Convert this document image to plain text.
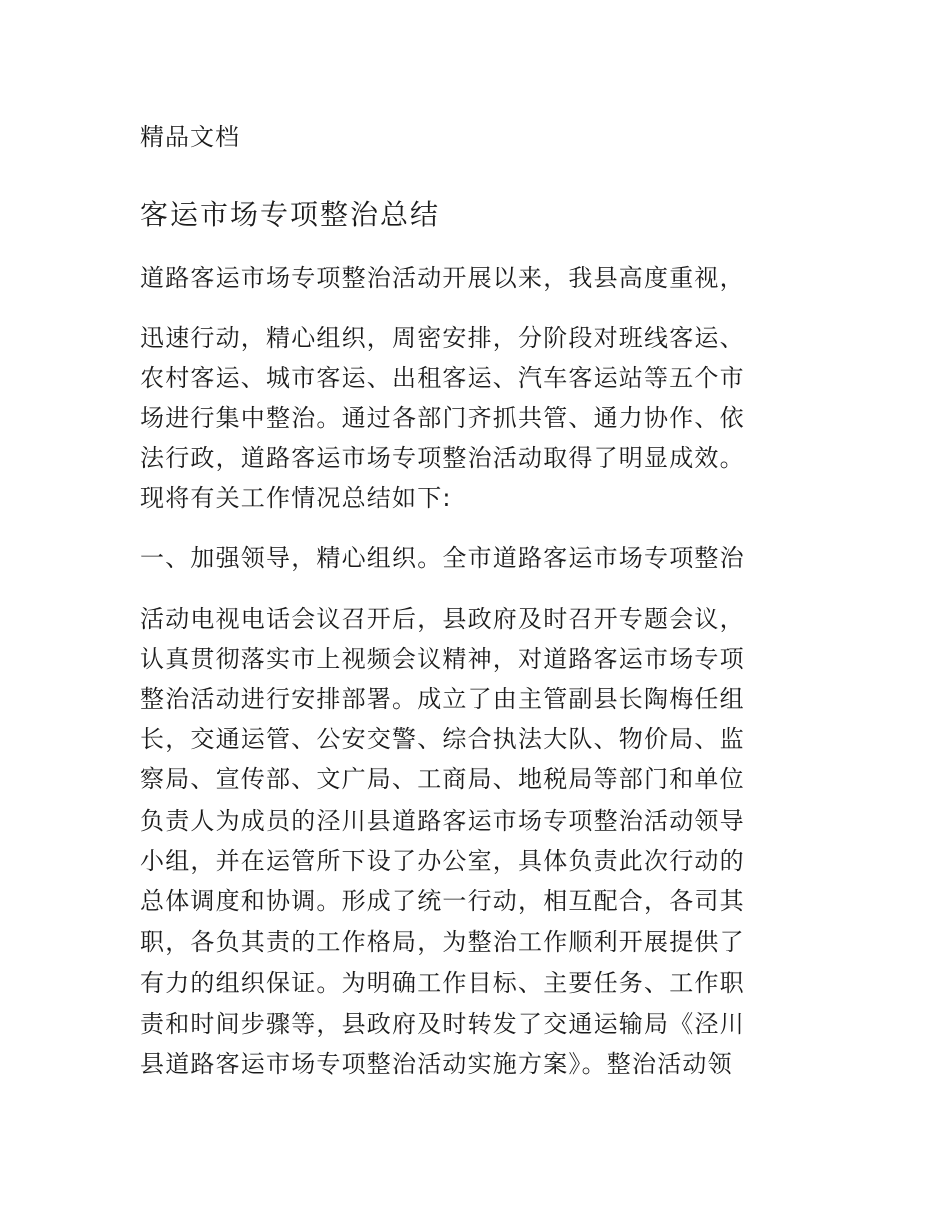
精品文档
客运市场专项整治总结
道路客运市场专项整治活动开展以来，我县高度重视，
迅速行动，精心组织，周密安排，分阶段对班线客运、
农村客运、城市客运、出租客运、汽车客运站等五个市
场进行集中整治。通过各部门齐抓共管、通力协作、依
法行政，道路客运市场专项整治活动取得了明显成效。
现将有关工作情况总结如下:
一、加强领导，精心组织。全市道路客运市场专项整治
活动电视电话会议召开后，县政府及时召开专题会议，
认真贯彻落实市上视频会议精神，对道路客运市场专项
整治活动进行安排部署。成立了由主管副县长陶梅任组
长，交通运管、公安交警、综合执法大队、物价局、监
察局、宣传部、文广局、工商局、地税局等部门和单位
负责人为成员的泾川县道路客运市场专项整治活动领导
小组，并在运管所下设了办公室，具体负责此次行动的
总体调度和协调。形成了统一行动，相互配合，各司其
职，各负其责的工作格局，为整治工作顺利开展提供了
有力的组织保证。为明确工作目标、主要任务、工作职
责和时间步骤等，县政府及时转发了交通运输局《泾川
县道路客运市场专项整治活动实施方案》。整治活动领
